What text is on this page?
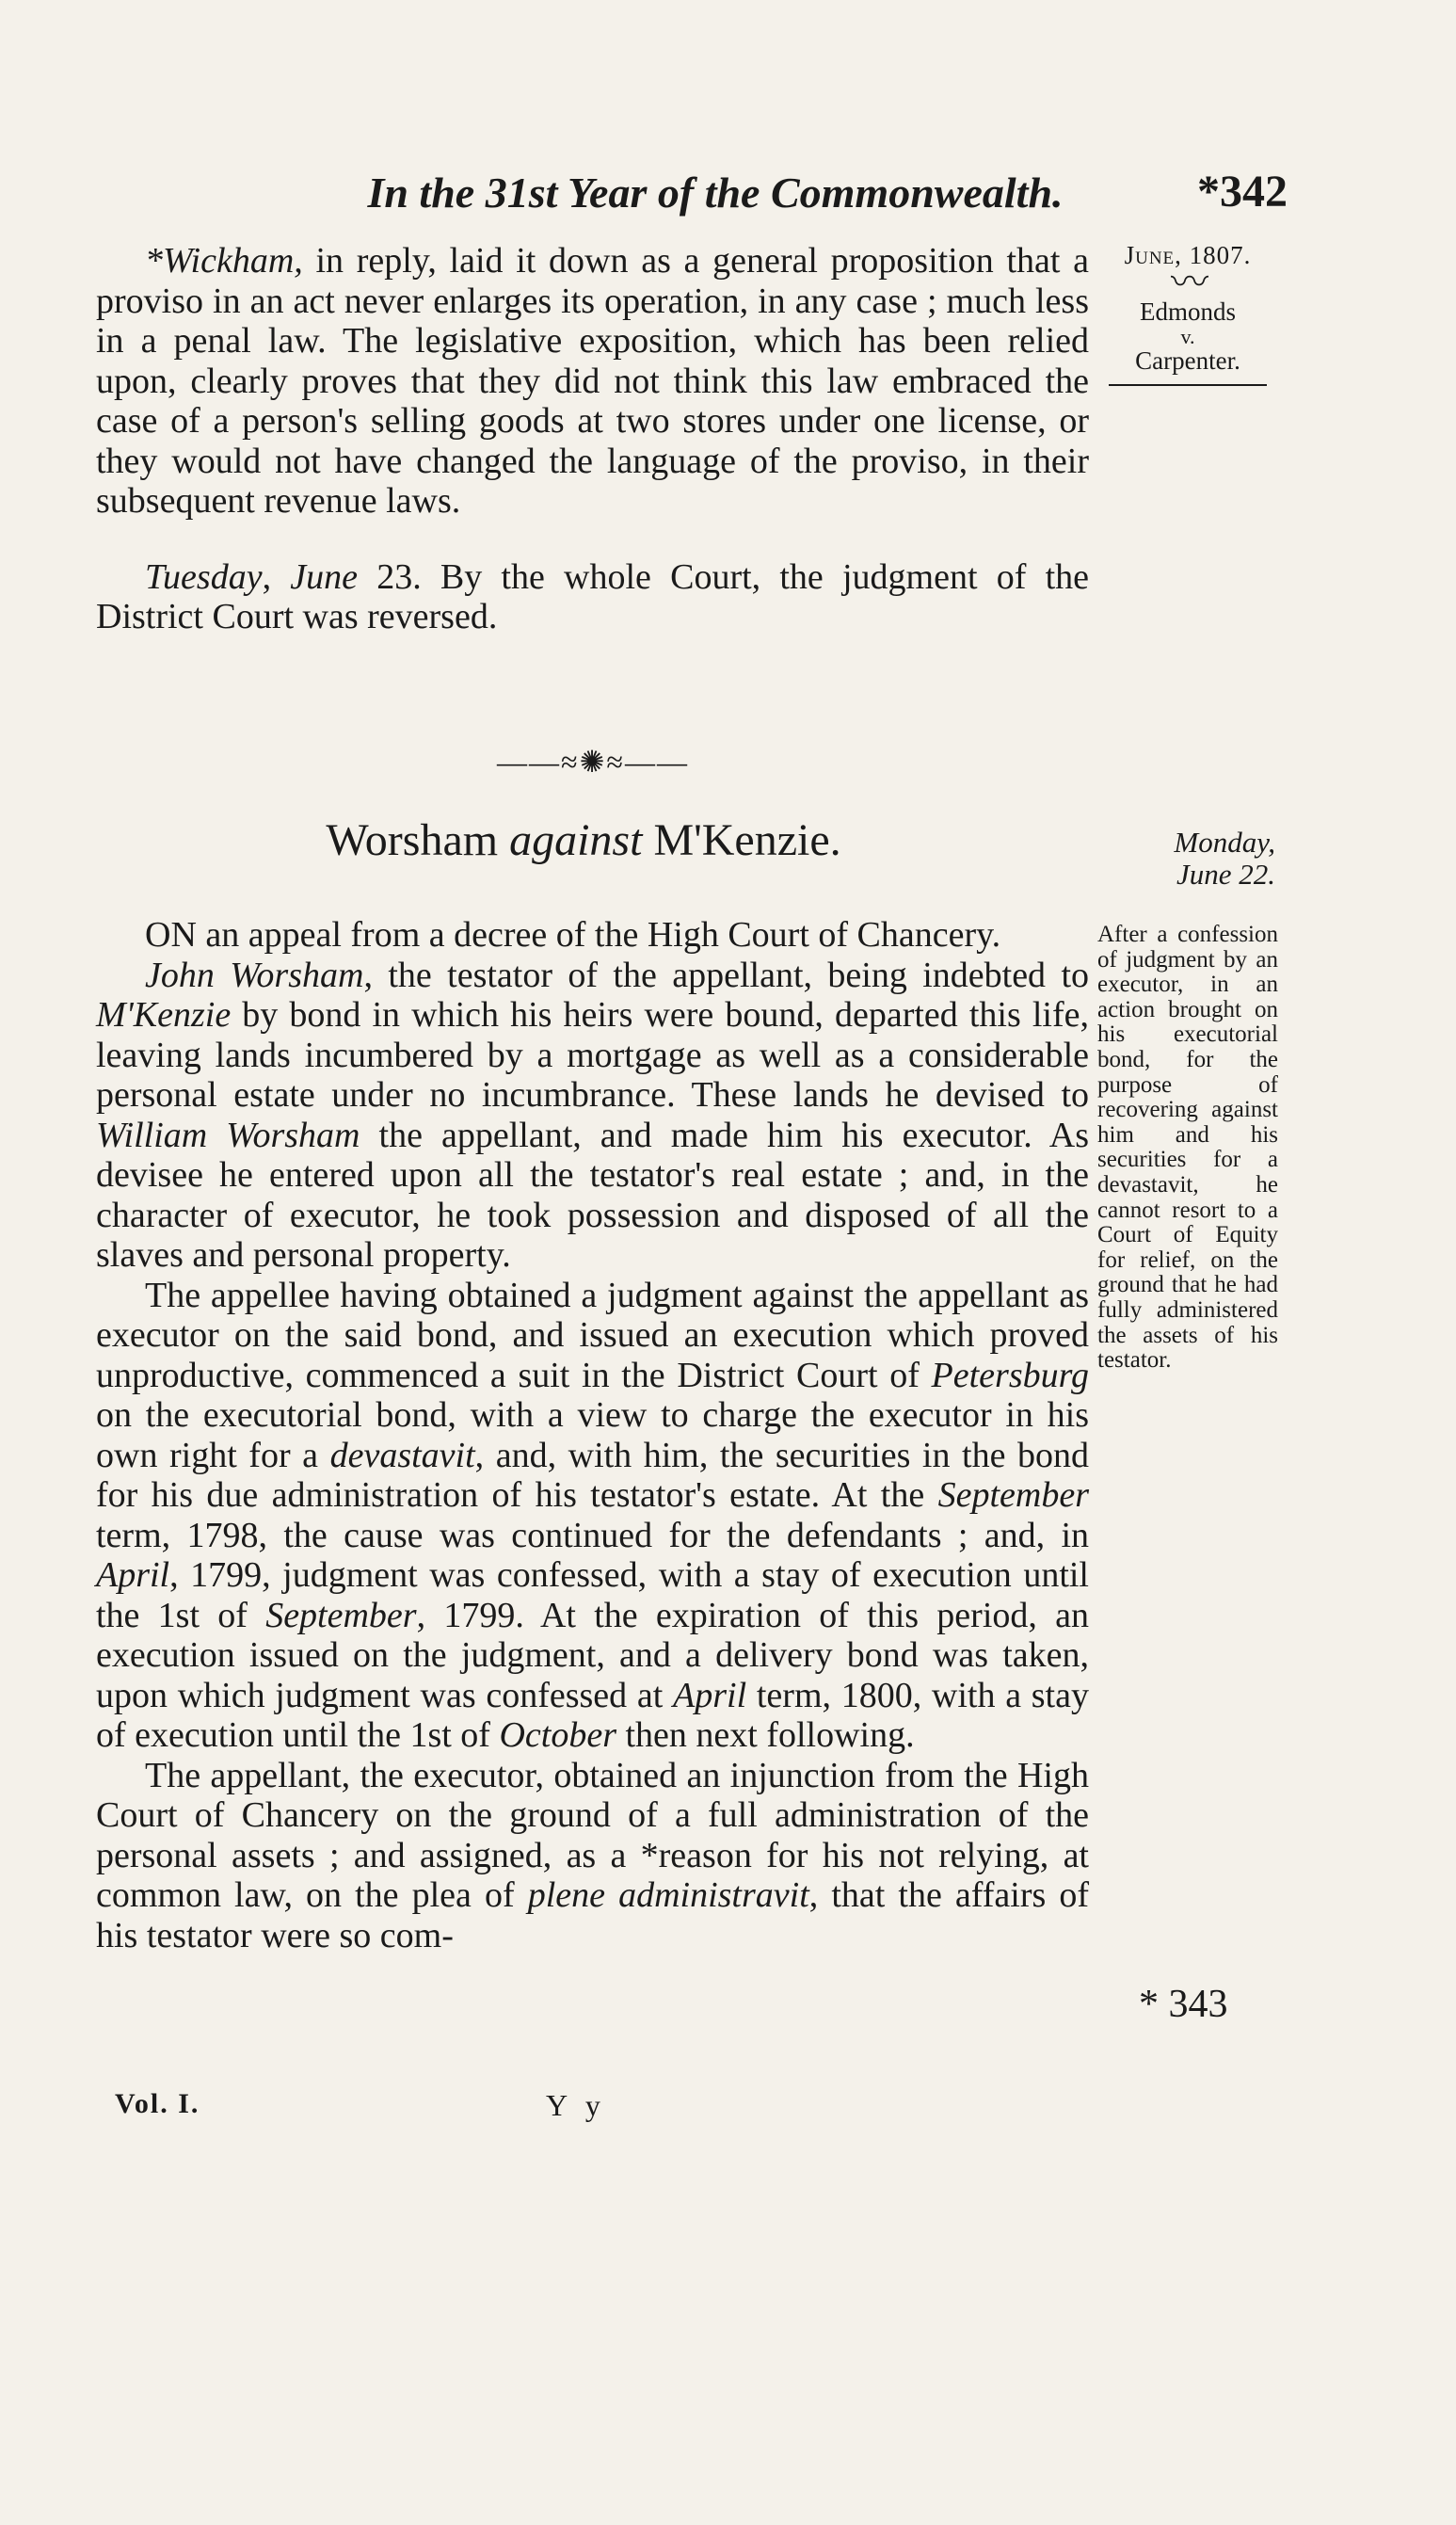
In the 31st Year of the Commonwealth.	*342
June, 1807.
〰
Edmonds
v.
Carpenter.

*Wickham, in reply, laid it down as a general proposition that a proviso in an act never enlarges its operation, in any case ; much less in a penal law. The legislative exposition, which has been relied upon, clearly proves that they did not think this law embraced the case of a person's selling goods at two stores under one license, or they would not have changed the language of the proviso, in their subsequent revenue laws.

Tuesday, June 23. By the whole Court, the judgment of the District Court was reversed.

——≈✺≈——
Worsham against M'Kenzie.	Monday,
June 22.
After a confession of judgment by an executor, in an action brought on his executorial bond, for the purpose of recovering against him and his securities for a devastavit, he cannot resort to a Court of Equity for relief, on the ground that he had fully administered the assets of his testator.

ON an appeal from a decree of the High Court of Chancery.

John Worsham, the testator of the appellant, being indebted to M'Kenzie by bond in which his heirs were bound, departed this life, leaving lands incumbered by a mortgage as well as a considerable personal estate under no incumbrance. These lands he devised to William Worsham the appellant, and made him his executor. As devisee he entered upon all the testator's real estate ; and, in the character of executor, he took possession and disposed of all the slaves and personal property.

The appellee having obtained a judgment against the appellant as executor on the said bond, and issued an execution which proved unproductive, commenced a suit in the District Court of Petersburg on the executorial bond, with a view to charge the executor in his own right for a devastavit, and, with him, the securities in the bond for his due administration of his testator's estate. At the September term, 1798, the cause was continued for the defendants ; and, in April, 1799, judgment was confessed, with a stay of execution until the 1st of September, 1799. At the expiration of this period, an execution issued on the judgment, and a delivery bond was taken, upon which judgment was confessed at April term, 1800, with a stay of execution until the 1st of October then next following.

The appellant, the executor, obtained an injunction from the High Court of Chancery on the ground of a full administration of the personal assets ; and assigned, as a *reason for his not relying, at common law, on the plea of plene administravit, that the affairs of his testator were so com-

* 343
Vol. I.	Y y
